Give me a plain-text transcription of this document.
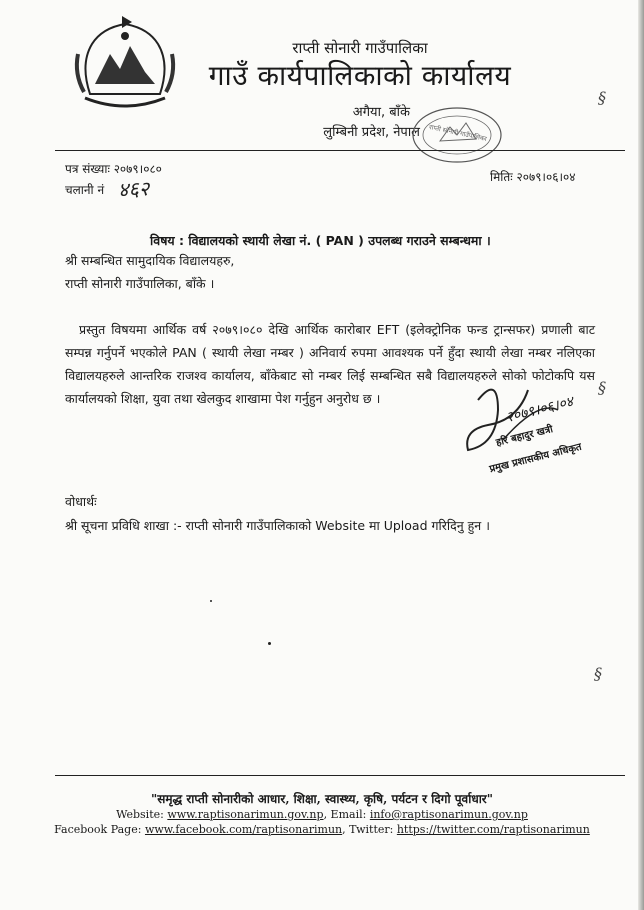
राप्ती सोनारी गाउँपालिका
गाउँ कार्यपालिकाको कार्यालय
अगैया, बाँके
लुम्बिनी प्रदेश, नेपाल	राप्ती सोनारी गाउँपालिका
पत्र संख्याः २०७९।०८०
चलानी नं ४६२	मितिः २०७९।०६।०४
विषय : विद्यालयको स्थायी लेखा नं. ( PAN ) उपलब्ध गराउने सम्बन्धमा ।
श्री सम्बन्धित सामुदायिक विद्यालयहरु,
राप्ती सोनारी गाउँपालिका, बाँके ।
प्रस्तुत विषयमा आर्थिक वर्ष २०७९।०८० देखि आर्थिक कारोबार EFT (इलेक्ट्रोनिक फन्ड ट्रान्सफर) प्रणाली बाट सम्पन्न गर्नुपर्ने भएकोले PAN ( स्थायी लेखा नम्बर ) अनिवार्य रुपमा आवश्यक पर्ने हुँदा स्थायी लेखा नम्बर नलिएका विद्यालयहरुले आन्तरिक राजश्व कार्यालय, बाँकेबाट सो नम्बर लिई सम्बन्धित सबै विद्यालयहरुले सोको फोटोकपि यस कार्यालयको शिक्षा, युवा तथा खेलकुद शाखामा पेश गर्नुहुन अनुरोध छ ।	२०७९।०६।०४
हरि बहादुर खत्री
प्रमुख प्रशासकीय अधिकृत
वोधार्थः
श्री सूचना प्रविधि शाखा :- राप्ती सोनारी गाउँपालिकाको Website मा Upload गरिदिनु हुन ।
§
§
§
"समृद्ध राप्ती सोनारीको आधार, शिक्षा, स्वास्थ्य, कृषि, पर्यटन र दिगो पूर्वाधार"
Website: www.raptisonarimun.gov.np, Email: info@raptisonarimun.gov.np
Facebook Page: www.facebook.com/raptisonarimun, Twitter: https://twitter.com/raptisonarimun
